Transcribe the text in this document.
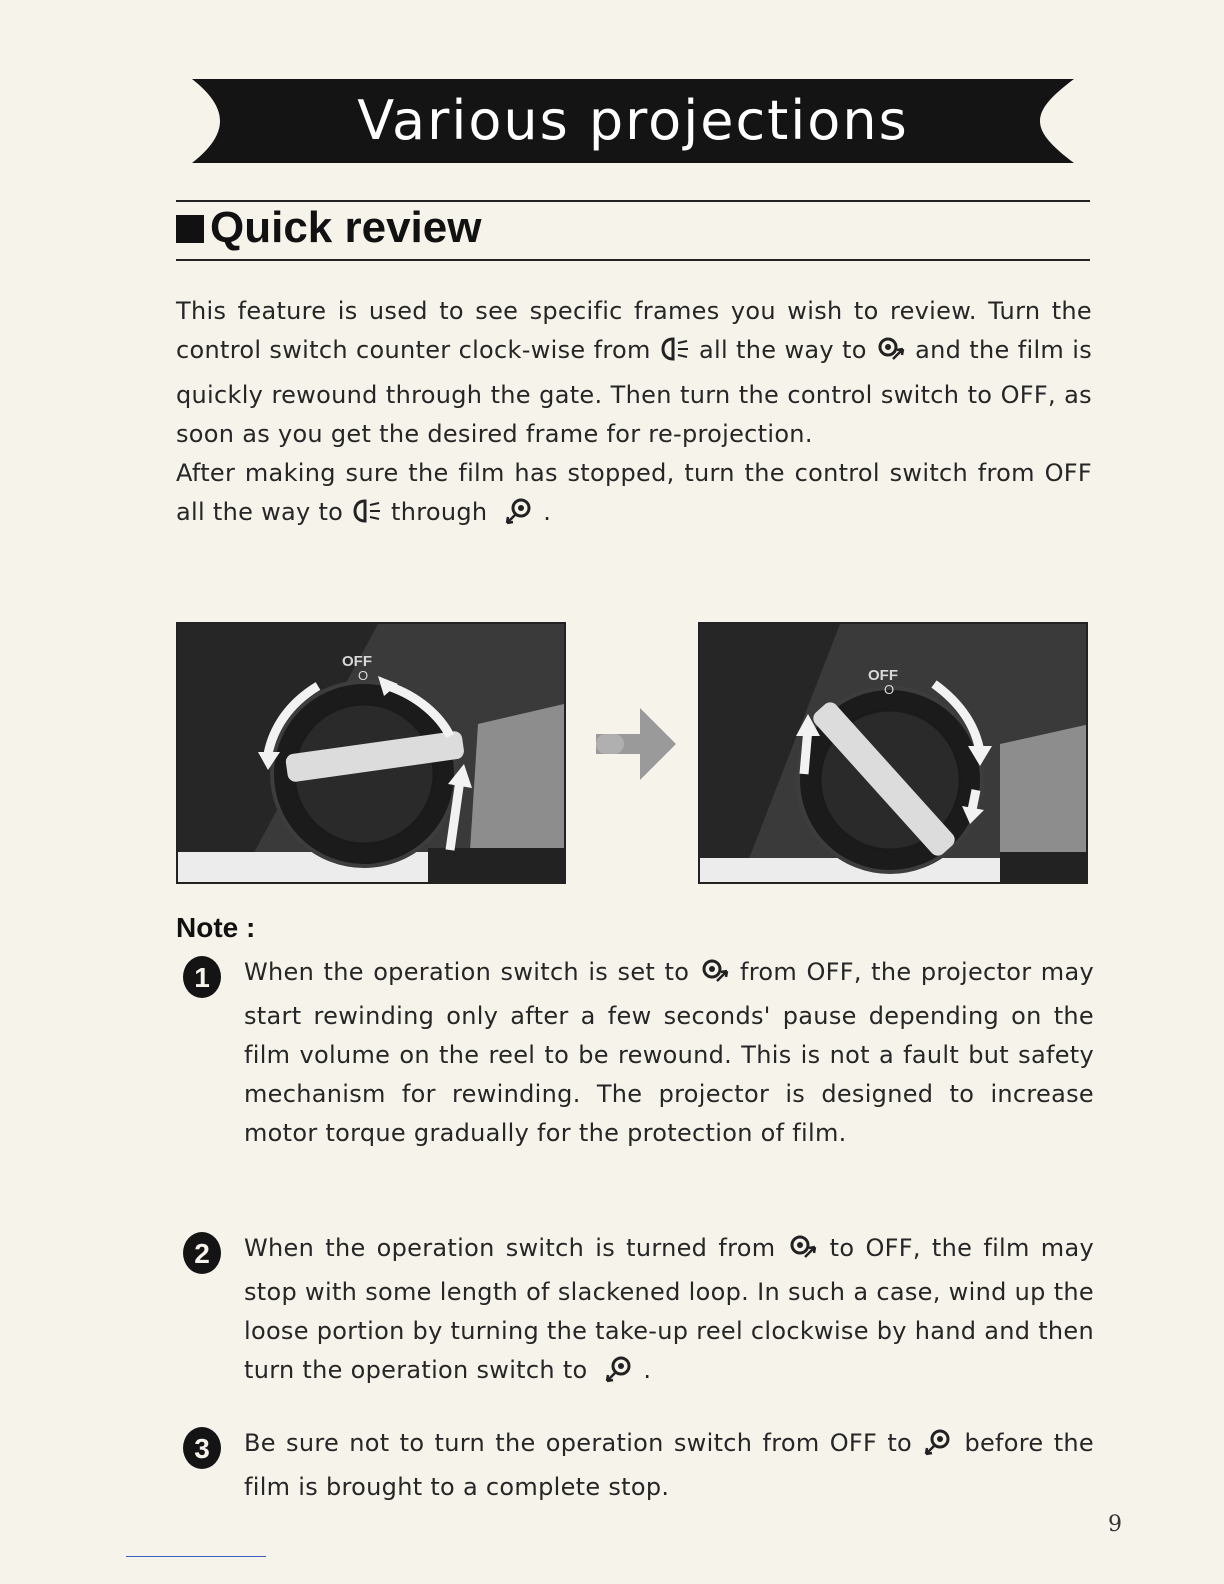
Various projections
Quick review

This feature is used to see specific frames you wish to review. Turn the control switch counter clock-wise from all the way to and the film is quickly rewound through the gate. Then turn the control switch to OFF, as soon as you get the desired frame for re-projection.

After making sure the film has stopped, turn the control switch from OFF all the way to through .

OFF
O	OFF
O
Note :
1 When the operation switch is set to from OFF, the projector may start rewinding only after a few seconds' pause depending on the film volume on the reel to be rewound. This is not a fault but safety mechanism for rewinding. The projector is designed to increase motor torque gradually for the protection of film.
2 When the operation switch is turned from to OFF, the film may stop with some length of slackened loop. In such a case, wind up the loose portion by turning the take-up reel clockwise by hand and then turn the operation switch to .
3 Be sure not to turn the operation switch from OFF to before the film is brought to a complete stop.
9
